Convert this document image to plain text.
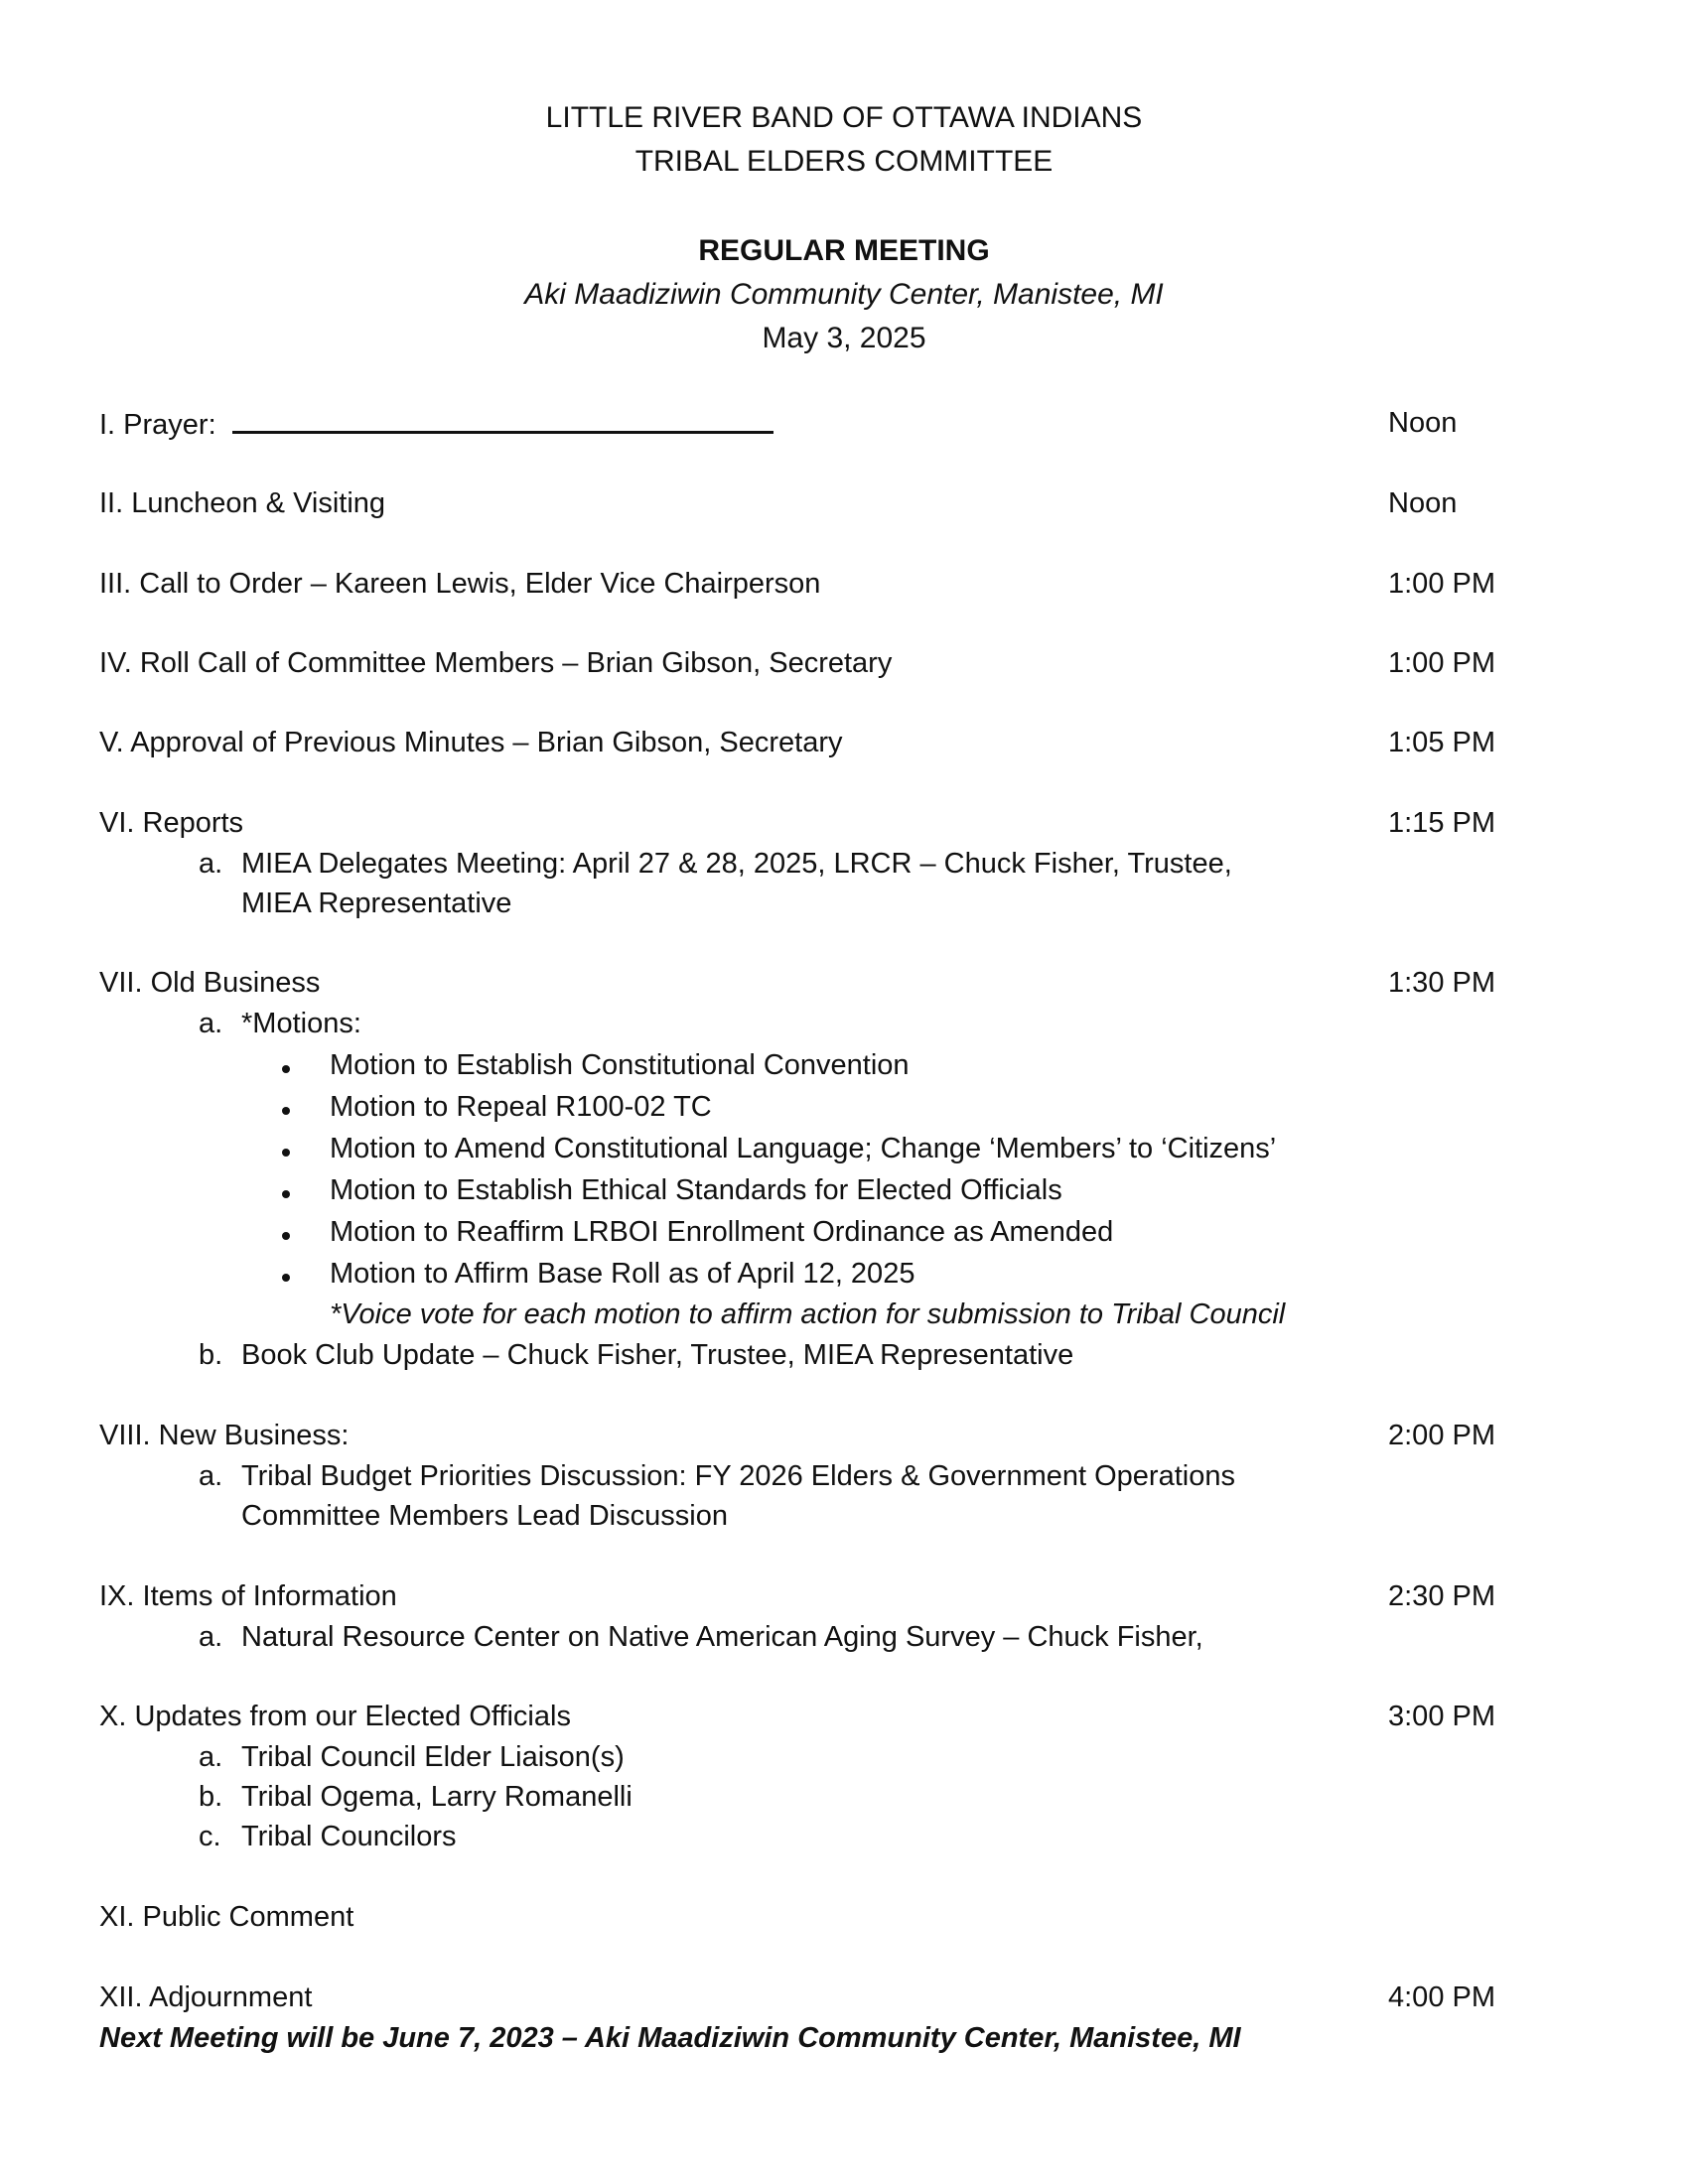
LITTLE RIVER BAND OF OTTAWA INDIANS
TRIBAL ELDERS COMMITTEE
REGULAR MEETING
Aki Maadiziwin Community Center, Manistee, MI
May 3, 2025
I. Prayer:	Noon
II. Luncheon & Visiting	Noon
III. Call to Order – Kareen Lewis, Elder Vice Chairperson	1:00 PM
IV. Roll Call of Committee Members – Brian Gibson, Secretary	1:00 PM
V. Approval of Previous Minutes – Brian Gibson, Secretary	1:05 PM
VI. Reports	1:15 PM
a. MIEA Delegates Meeting: April 27 & 28, 2025, LRCR – Chuck Fisher, Trustee,
MIEA Representative
VII. Old Business	1:30 PM
a. *Motions:
Motion to Establish Constitutional Convention
Motion to Repeal R100-02 TC
Motion to Amend Constitutional Language; Change ‘Members’ to ‘Citizens’
Motion to Establish Ethical Standards for Elected Officials
Motion to Reaffirm LRBOI Enrollment Ordinance as Amended
Motion to Affirm Base Roll as of April 12, 2025
*Voice vote for each motion to affirm action for submission to Tribal Council
b. Book Club Update – Chuck Fisher, Trustee, MIEA Representative
VIII. New Business:	2:00 PM
a. Tribal Budget Priorities Discussion: FY 2026 Elders & Government Operations
Committee Members Lead Discussion
IX. Items of Information	2:30 PM
a. Natural Resource Center on Native American Aging Survey – Chuck Fisher,
X. Updates from our Elected Officials	3:00 PM
a. Tribal Council Elder Liaison(s)
b. Tribal Ogema, Larry Romanelli
c. Tribal Councilors
XI. Public Comment
XII. Adjournment	4:00 PM
Next Meeting will be June 7, 2023 – Aki Maadiziwin Community Center, Manistee, MI
